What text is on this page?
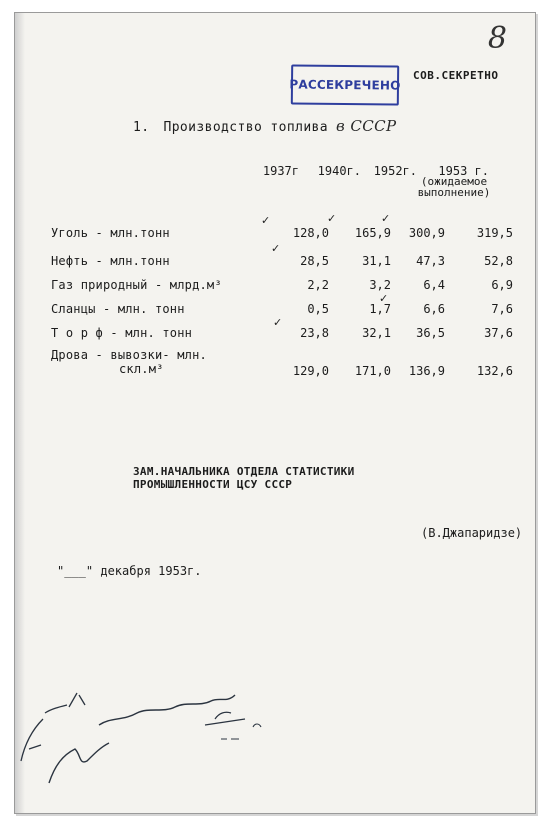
8
РАССЕКРЕЧЕНО
СОВ.СЕКРЕТНО
1. Производство топлива в СССР
1937г	1940г.	1952г.	1953 г.
(ожидаемое выполнение)
✓	✓	✓
✓
✓
✓
Уголь - млн.тонн	128,0	165,9	300,9	319,5
Нефть - млн.тонн	28,5	31,1	47,3	52,8
Газ природный - млрд.м³	2,2	3,2	6,4	6,9
Сланцы - млн. тонн	0,5	1,7	6,6	7,6
Т о р ф - млн. тонн	23,8	32,1	36,5	37,6
Дрова - вывозки- млн.
скл.м³	129,0	171,0	136,9	132,6
ЗАМ.НАЧАЛЬНИКА ОТДЕЛА СТАТИСТИКИ
ПРОМЫШЛЕННОСТИ ЦСУ СССР
(В.Джапаридзе)
"___" декабря 1953г.
